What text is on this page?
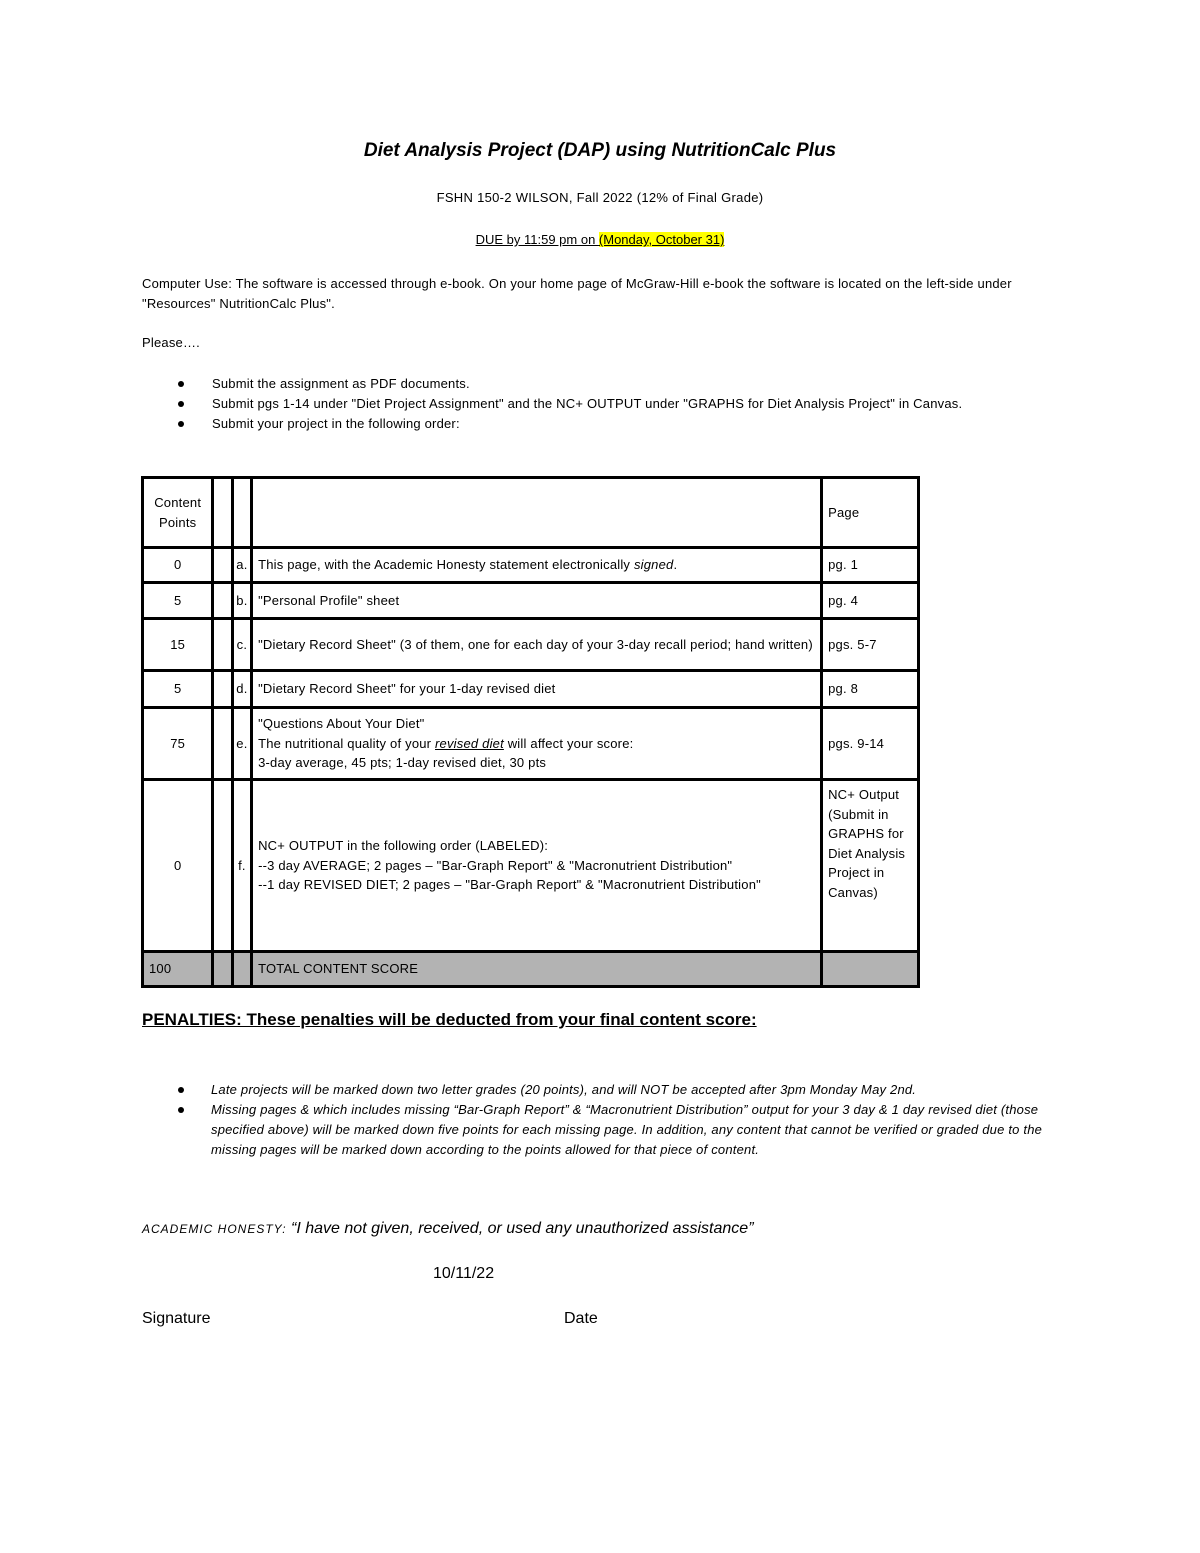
Diet Analysis Project (DAP) using NutritionCalc Plus
FSHN 150-2 WILSON, Fall 2022 (12% of Final Grade)
DUE by 11:59 pm on (Monday, October 31)
Computer Use: The software is accessed through e-book. On your home page of McGraw-Hill e-book the software is located on the left-side under "Resources" NutritionCalc Plus".
Please….
Submit the assignment as PDF documents.
Submit pgs 1-14 under "Diet Project Assignment" and the NC+ OUTPUT under "GRAPHS for Diet Analysis Project" in Canvas.
Submit your project in the following order:
Content Points				Page
0		a.	This page, with the Academic Honesty statement electronically signed.	pg. 1
5		b.	"Personal Profile" sheet	pg. 4
15		c.	"Dietary Record Sheet" (3 of them, one for each day of your 3-day recall period; hand written)	pgs. 5-7
5		d.	"Dietary Record Sheet" for your 1-day revised diet	pg. 8
75		e.	"Questions About Your Diet"
The nutritional quality of your revised diet will affect your score:
3-day average, 45 pts; 1-day revised diet, 30 pts	pgs. 9-14
0		f.	NC+ OUTPUT in the following order (LABELED):
--3 day AVERAGE; 2 pages – "Bar-Graph Report" & "Macronutrient Distribution"
--1 day REVISED DIET; 2 pages – "Bar-Graph Report" & "Macronutrient Distribution"	NC+ Output (Submit in GRAPHS for Diet Analysis Project in Canvas)
100			TOTAL CONTENT SCORE	
PENALTIES: These penalties will be deducted from your final content score:
Late projects will be marked down two letter grades (20 points), and will NOT be accepted after 3pm Monday May 2nd.
Missing pages & which includes missing “Bar-Graph Report” & “Macronutrient Distribution” output for your 3 day & 1 day revised diet (those specified above) will be marked down five points for each missing page. In addition, any content that cannot be verified or graded due to the missing pages will be marked down according to the points allowed for that piece of content.
ACADEMIC HONESTY: “I have not given, received, or used any unauthorized assistance”
10/11/22
Signature	Date
